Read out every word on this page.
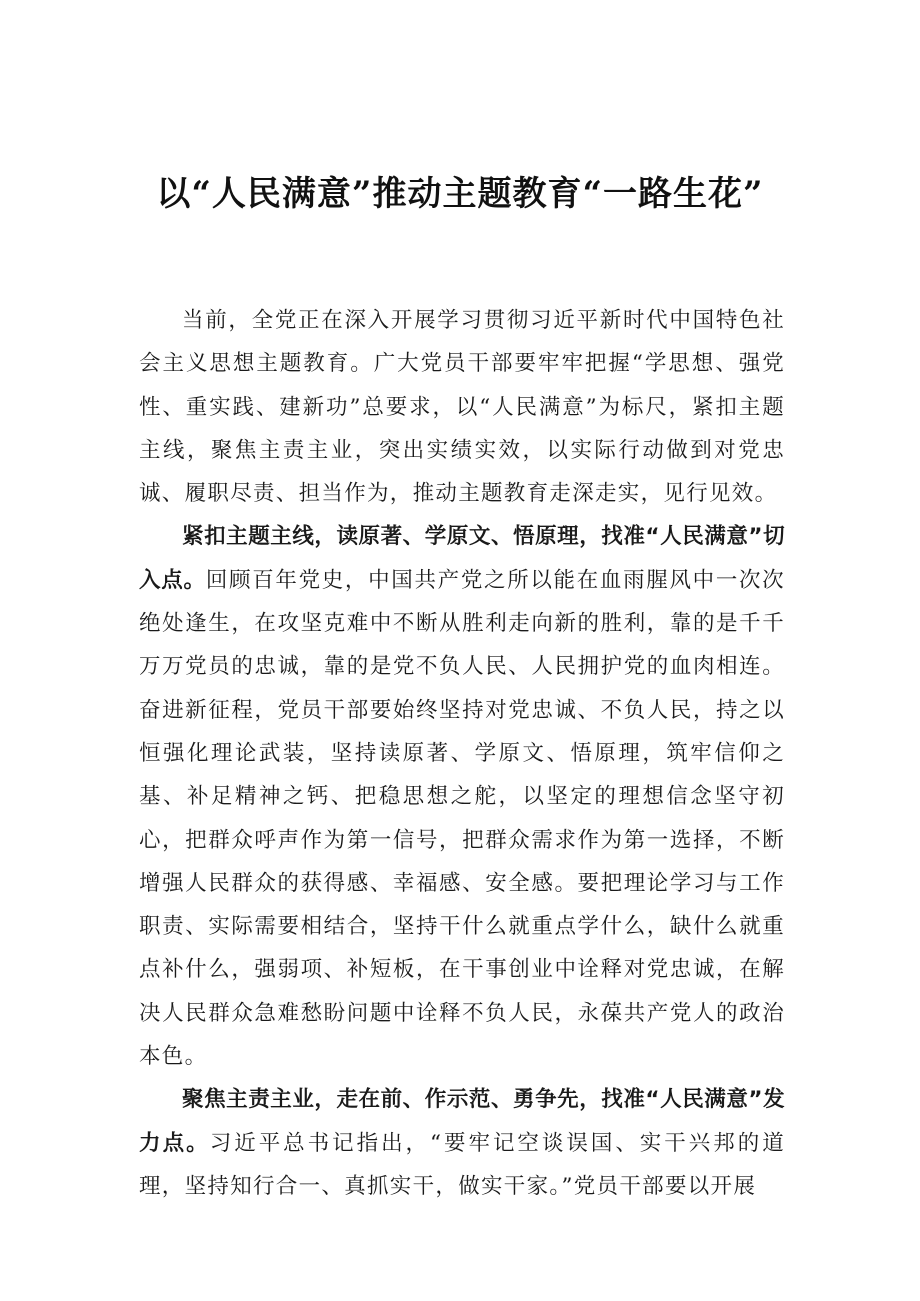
以“人民满意”推动主题教育“一路生花”

当前，全党正在深入开展学习贯彻习近平新时代中国特色社会主义思想主题教育。广大党员干部要牢牢把握“学思想、强党性、重实践、建新功”总要求，以“人民满意”为标尺，紧扣主题主线，聚焦主责主业，突出实绩实效，以实际行动做到对党忠诚、履职尽责、担当作为，推动主题教育走深走实，见行见效。

紧扣主题主线，读原著、学原文、悟原理，找准“人民满意”切入点。回顾百年党史，中国共产党之所以能在血雨腥风中一次次绝处逢生，在攻坚克难中不断从胜利走向新的胜利，靠的是千千万万党员的忠诚，靠的是党不负人民、人民拥护党的血肉相连。奋进新征程，党员干部要始终坚持对党忠诚、不负人民，持之以恒强化理论武装，坚持读原著、学原文、悟原理，筑牢信仰之基、补足精神之钙、把稳思想之舵，以坚定的理想信念坚守初心，把群众呼声作为第一信号，把群众需求作为第一选择，不断增强人民群众的获得感、幸福感、安全感。要把理论学习与工作职责、实际需要相结合，坚持干什么就重点学什么，缺什么就重点补什么，强弱项、补短板，在干事创业中诠释对党忠诚，在解决人民群众急难愁盼问题中诠释不负人民，永葆共产党人的政治本色。

聚焦主责主业，走在前、作示范、勇争先，找准“人民满意”发力点。习近平总书记指出，“要牢记空谈误国、实干兴邦的道理，坚持知行合一、真抓实干，做实干家。”党员干部要以开展
